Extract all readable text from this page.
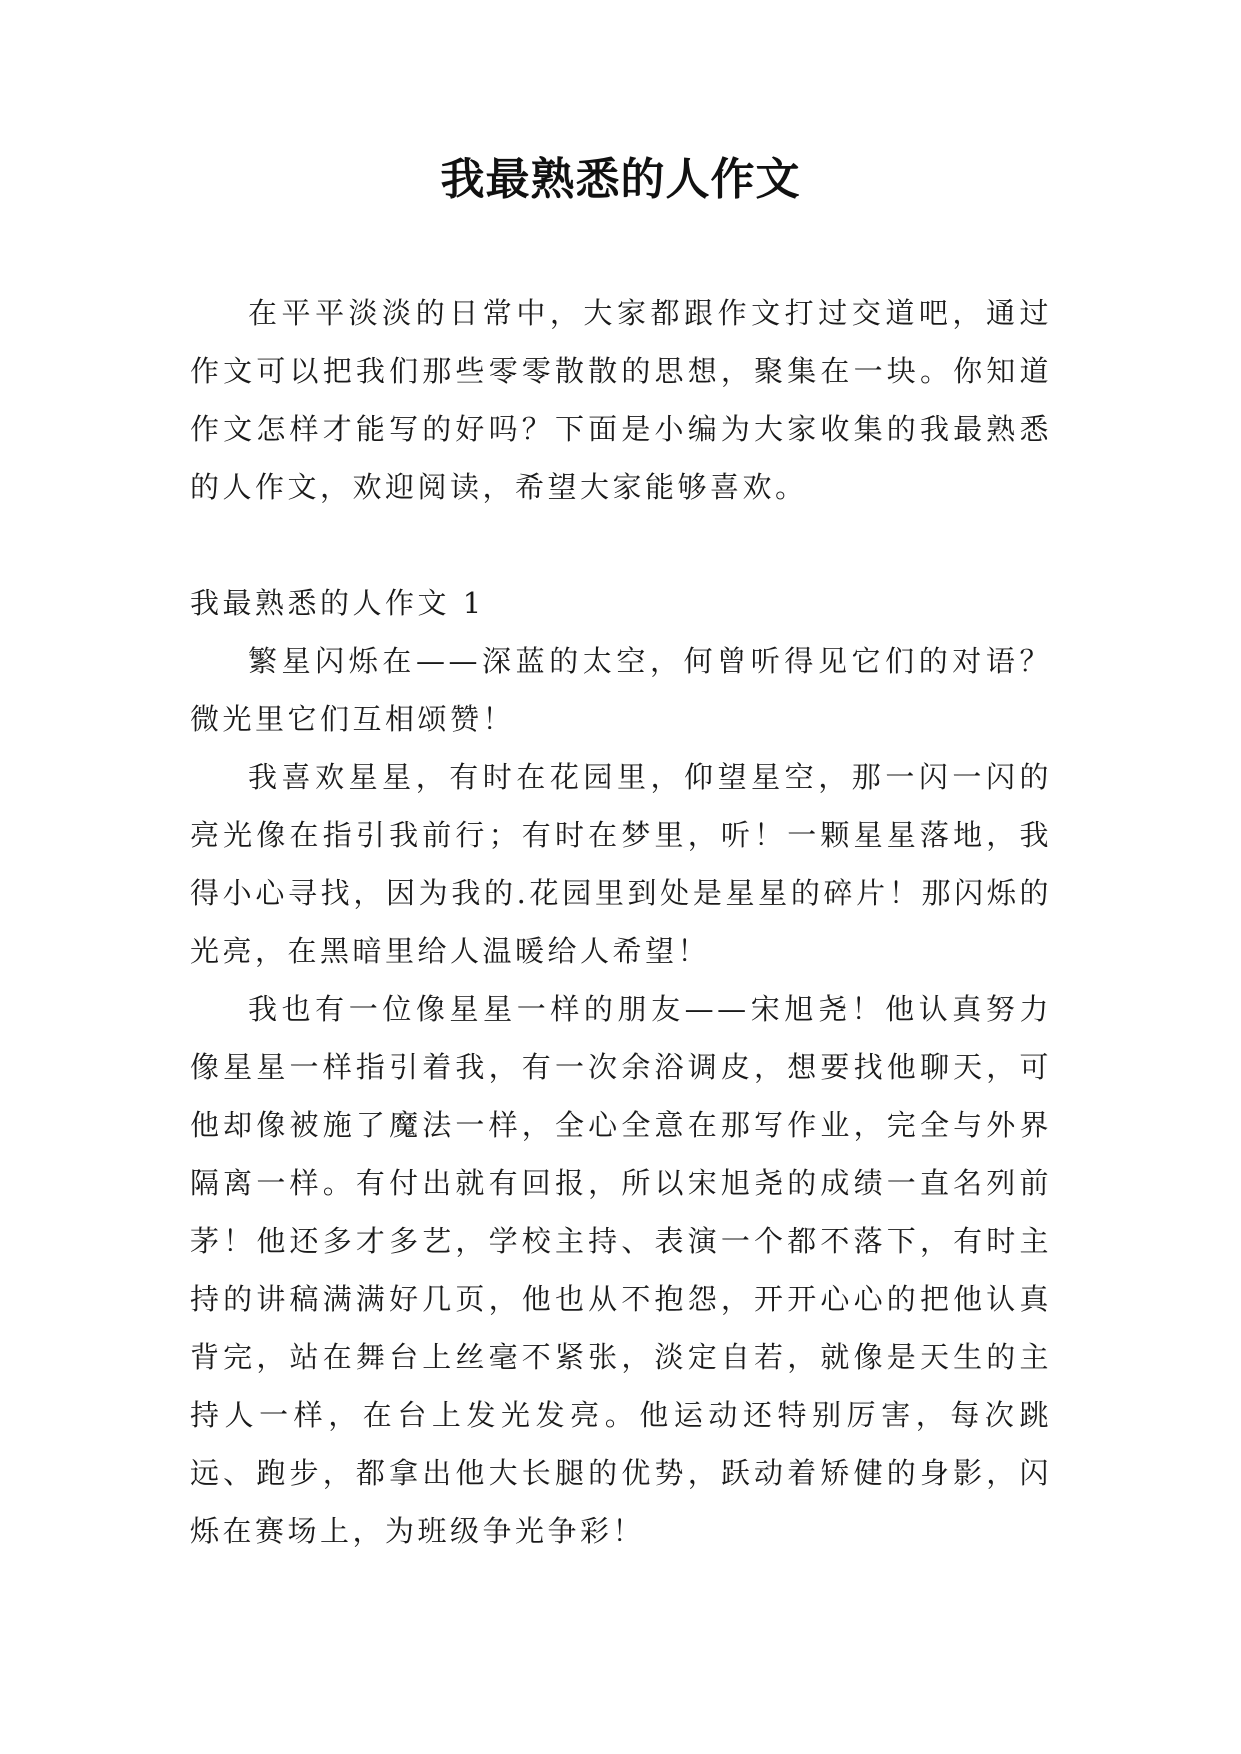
我最熟悉的人作文

在平平淡淡的日常中，大家都跟作文打过交道吧，通过作文可以把我们那些零零散散的思想，聚集在一块。你知道作文怎样才能写的好吗？下面是小编为大家收集的我最熟悉的人作文，欢迎阅读，希望大家能够喜欢。

我最熟悉的人作文 1

繁星闪烁在——深蓝的太空，何曾听得见它们的对语？微光里它们互相颂赞！

我喜欢星星，有时在花园里，仰望星空，那一闪一闪的亮光像在指引我前行；有时在梦里，听！一颗星星落地，我得小心寻找，因为我的.花园里到处是星星的碎片！那闪烁的光亮，在黑暗里给人温暖给人希望！

我也有一位像星星一样的朋友——宋旭尧！他认真努力像星星一样指引着我，有一次余浴调皮，想要找他聊天，可他却像被施了魔法一样，全心全意在那写作业，完全与外界隔离一样。有付出就有回报，所以宋旭尧的成绩一直名列前茅！他还多才多艺，学校主持、表演一个都不落下，有时主持的讲稿满满好几页，他也从不抱怨，开开心心的把他认真背完，站在舞台上丝毫不紧张，淡定自若，就像是天生的主持人一样，在台上发光发亮。他运动还特别厉害，每次跳远、跑步，都拿出他大长腿的优势，跃动着矫健的身影，闪烁在赛场上，为班级争光争彩！
